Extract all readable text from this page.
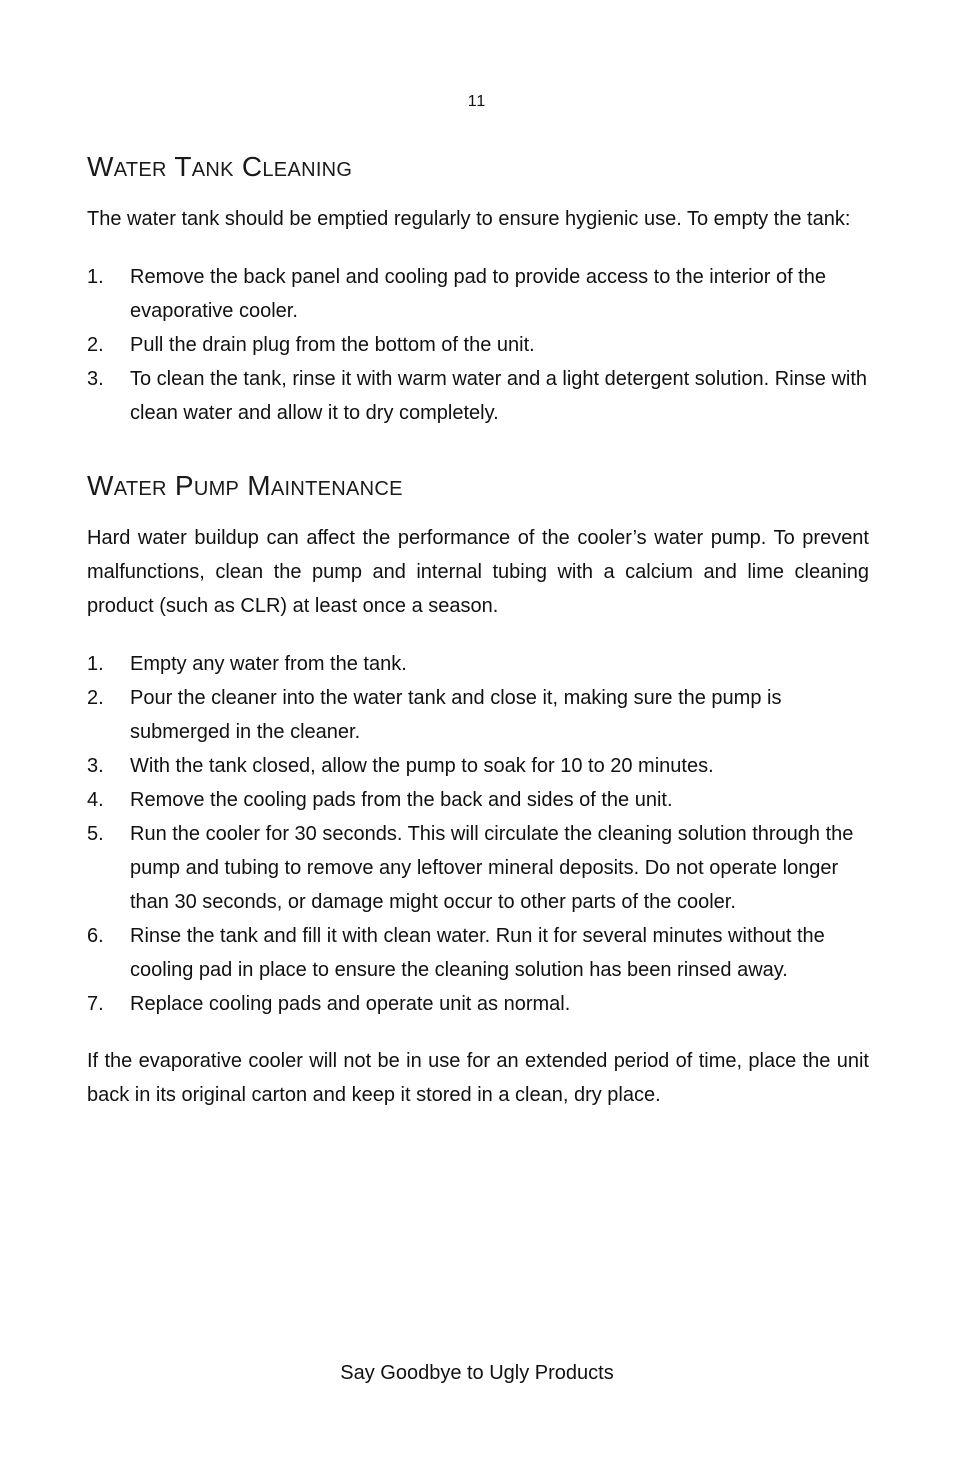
11
Water Tank Cleaning

The water tank should be emptied regularly to ensure hygienic use. To empty the tank:

1.	Remove the back panel and cooling pad to provide access to the interior of the evaporative cooler.
2.	Pull the drain plug from the bottom of the unit.
3.	To clean the tank, rinse it with warm water and a light detergent solution. Rinse with clean water and allow it to dry completely.
Water Pump Maintenance

Hard water buildup can affect the performance of the cooler’s water pump. To prevent malfunctions, clean the pump and internal tubing with a calcium and lime cleaning product (such as CLR) at least once a season.

1.	Empty any water from the tank.
2.	Pour the cleaner into the water tank and close it, making sure the pump is submerged in the cleaner.
3.	With the tank closed, allow the pump to soak for 10 to 20 minutes.
4.	Remove the cooling pads from the back and sides of the unit.
5.	Run the cooler for 30 seconds. This will circulate the cleaning solution through the pump and tubing to remove any leftover mineral deposits. Do not operate longer than 30 seconds, or damage might occur to other parts of the cooler.
6.	Rinse the tank and fill it with clean water. Run it for several minutes without the cooling pad in place to ensure the cleaning solution has been rinsed away.
7.	Replace cooling pads and operate unit as normal.

If the evaporative cooler will not be in use for an extended period of time, place the unit back in its original carton and keep it stored in a clean, dry place.

Say Goodbye to Ugly Products
